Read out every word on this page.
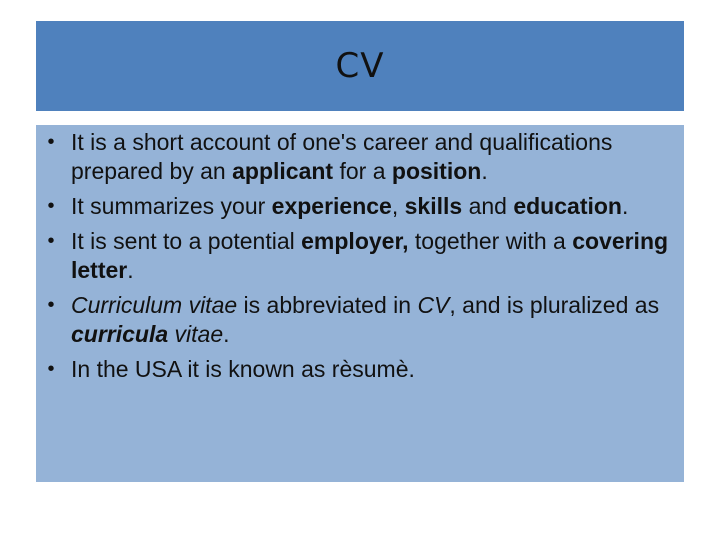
CV
• It is a short account of one's career and qualifications prepared by an applicant for a position.
• It summarizes your experience, skills and education.
• It is sent to a potential employer, together with a covering letter.
• Curriculum vitae is abbreviated in CV, and is pluralized as curricula vitae.
• In the USA it is known as rèsumè.
